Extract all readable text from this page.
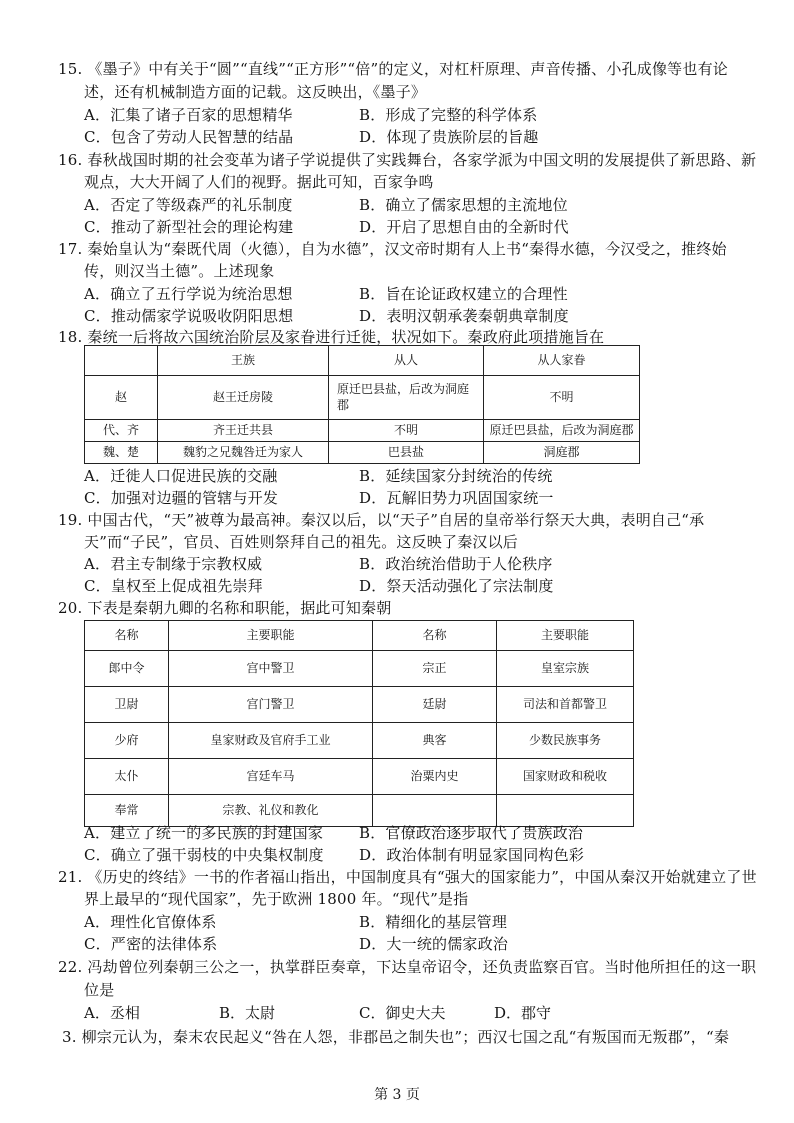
15. 《墨子》中有关于“圆”“直线”“正方形”“倍”的定义，对杠杆原理、声音传播、小孔成像等也有论
述，还有机械制造方面的记载。这反映出，《墨子》
A．汇集了诸子百家的思想精华	B．形成了完整的科学体系
C．包含了劳动人民智慧的结晶	D．体现了贵族阶层的旨趣
16. 春秋战国时期的社会变革为诸子学说提供了实践舞台，各家学派为中国文明的发展提供了新思路、新
观点，大大开阔了人们的视野。据此可知，百家争鸣
A．否定了等级森严的礼乐制度	B．确立了儒家思想的主流地位
C．推动了新型社会的理论构建	D．开启了思想自由的全新时代
17. 秦始皇认为“秦既代周（火德），自为水德”，汉文帝时期有人上书“秦得水德，今汉受之，推终始
传，则汉当土德”。上述现象
A．确立了五行学说为统治思想	B．旨在论证政权建立的合理性
C．推动儒家学说吸收阴阳思想	D．表明汉朝承袭秦朝典章制度
18. 秦统一后将故六国统治阶层及家眷进行迁徙，状况如下。秦政府此项措施旨在
	王族	从人	从人家眷
赵	赵王迁房陵	原迁巴县盐，后改为洞庭郡	不明
代、齐	齐王迁共县	不明	原迁巴县盐，后改为洞庭郡
魏、楚	魏豹之兄魏咎迁为家人	巴县盐	洞庭郡
A．迁徙人口促进民族的交融	B．延续国家分封统治的传统
C．加强对边疆的管辖与开发	D．瓦解旧势力巩固国家统一
19. 中国古代，“天”被尊为最高神。秦汉以后，以“天子”自居的皇帝举行祭天大典，表明自己“承
天”而“子民”，官员、百姓则祭拜自己的祖先。这反映了秦汉以后
A．君主专制缘于宗教权威	B．政治统治借助于人伦秩序
C．皇权至上促成祖先崇拜	D．祭天活动强化了宗法制度
20. 下表是秦朝九卿的名称和职能，据此可知秦朝
名称	主要职能	名称	主要职能
郎中令	宫中警卫	宗正	皇室宗族
卫尉	宫门警卫	廷尉	司法和首都警卫
少府	皇家财政及官府手工业	典客	少数民族事务
太仆	宫廷车马	治粟内史	国家财政和税收
奉常	宗教、礼仪和教化		
A．建立了统一的多民族的封建国家 B．官僚政治逐步取代了贵族政治
C．确立了强干弱枝的中央集权制度 D．政治体制有明显家国同构色彩
21. 《历史的终结》一书的作者福山指出，中国制度具有“强大的国家能力”，中国从秦汉开始就建立了世
界上最早的“现代国家”，先于欧洲 1800 年。“现代”是指
A．理性化官僚体系	B．精细化的基层管理
C．严密的法律体系	D．大一统的儒家政治
22. 冯劫曾位列秦朝三公之一，执掌群臣奏章，下达皇帝诏令，还负责监察百官。当时他所担任的这一职
位是
A．丞相	B．太尉	C．御史大夫	D．郡守
3. 柳宗元认为，秦末农民起义“咎在人怨，非郡邑之制失也”；西汉七国之乱“有叛国而无叛郡”，“秦
第 3 页
